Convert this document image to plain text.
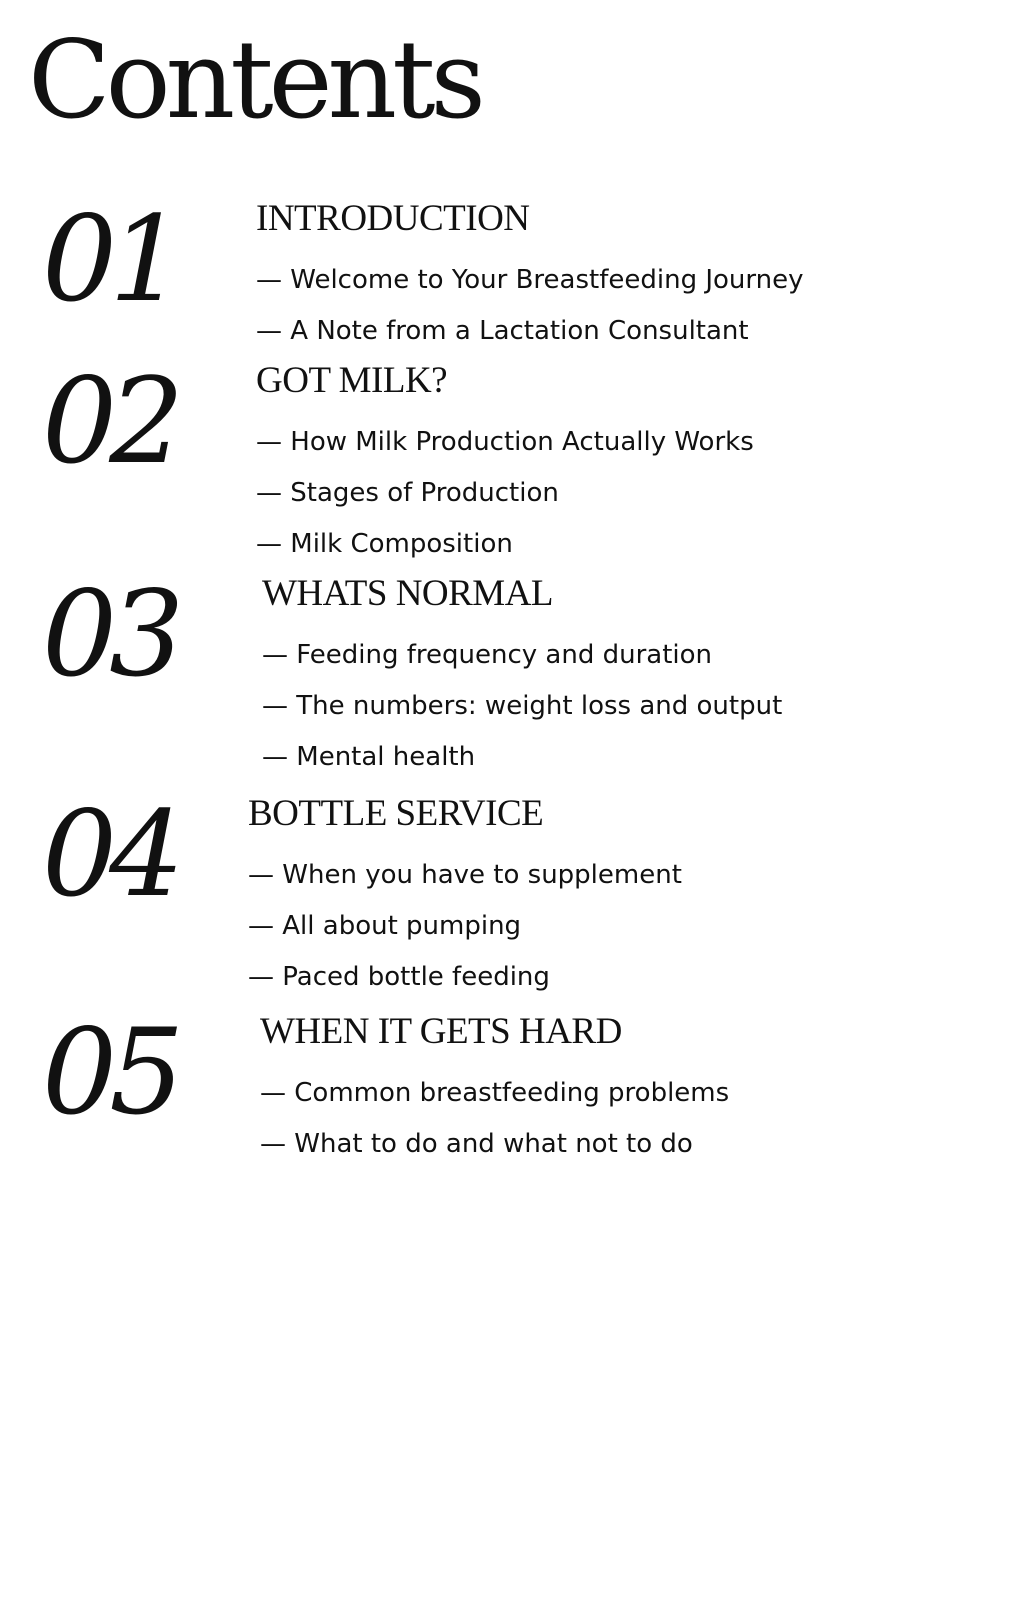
Contents
01 INTRODUCTION
— Welcome to Your Breastfeeding Journey
— A Note from a Lactation Consultant
02 GOT MILK?
— How Milk Production Actually Works
— Stages of Production
— Milk Composition
03 WHATS NORMAL
— Feeding frequency and duration
— The numbers: weight loss and output
— Mental health
04 BOTTLE SERVICE
— When you have to supplement
— All about pumping
— Paced bottle feeding
05 WHEN IT GETS HARD
— Common breastfeeding problems
— What to do and what not to do
